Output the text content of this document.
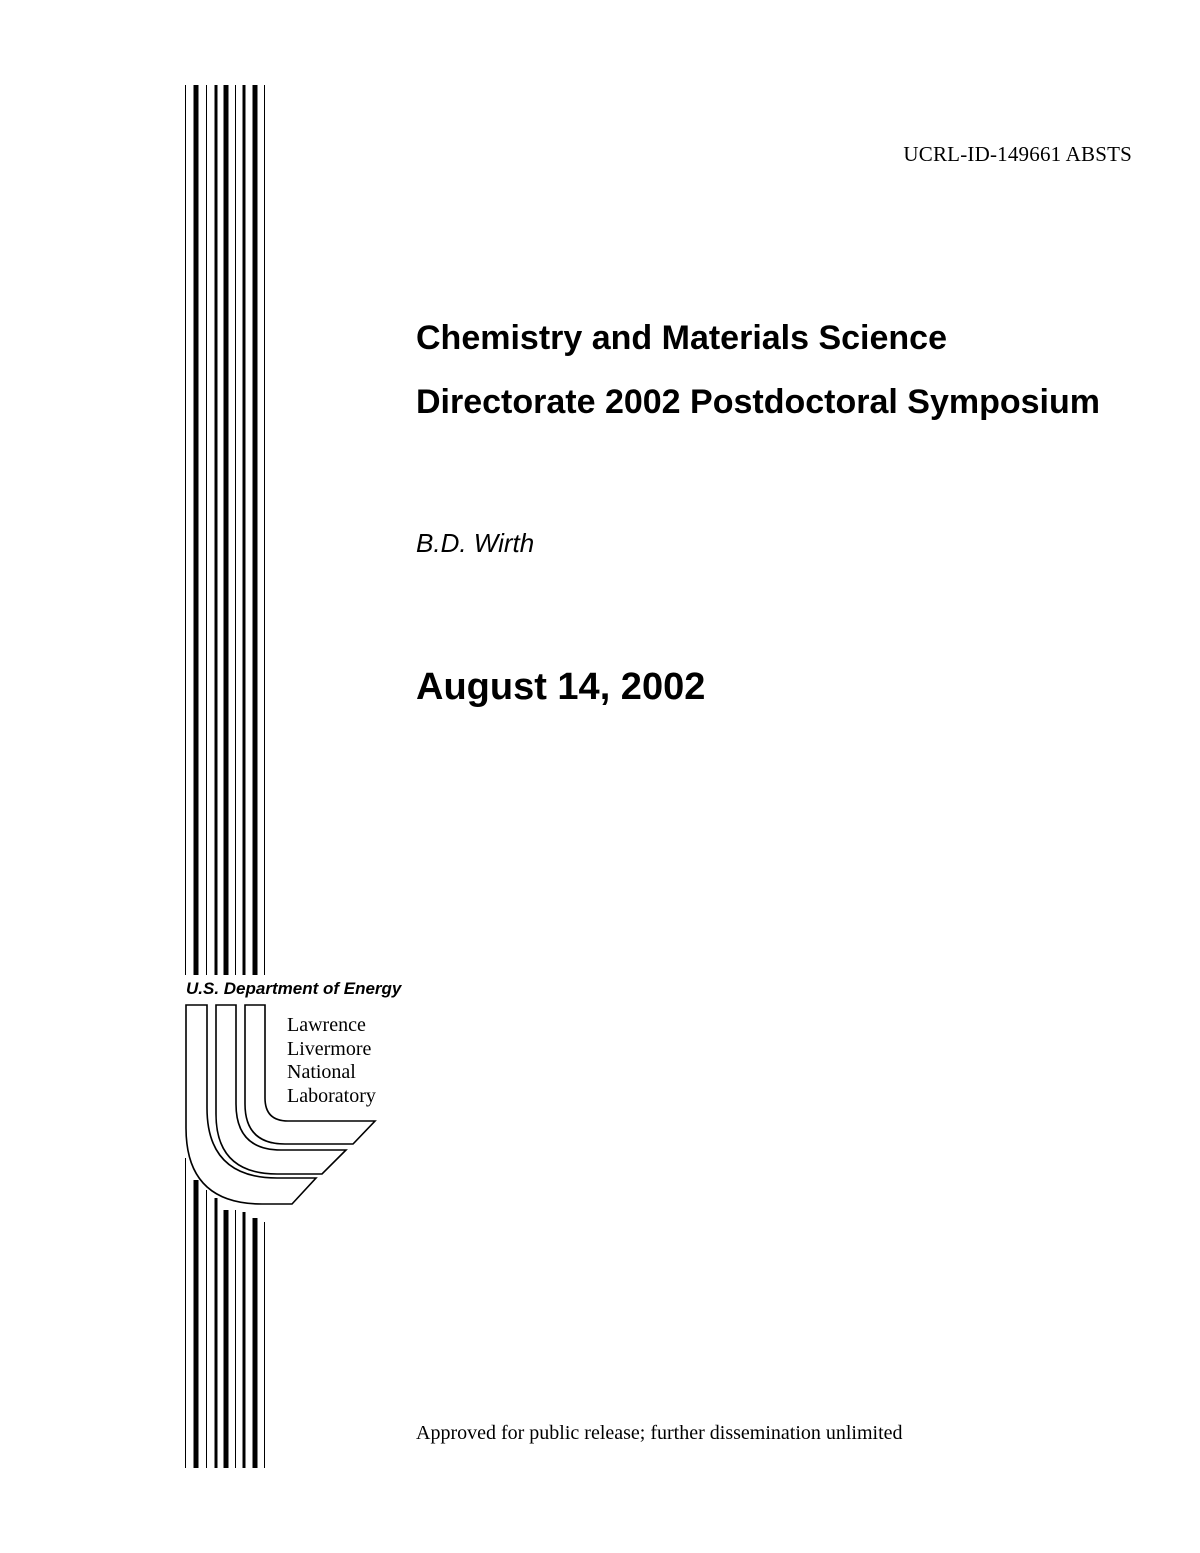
UCRL-ID-149661 ABSTS
Chemistry and Materials Science
Directorate 2002 Postdoctoral Symposium
B.D. Wirth
August 14, 2002
U.S. Department of Energy
Lawrence
Livermore
National
Laboratory
Approved for public release; further dissemination unlimited
